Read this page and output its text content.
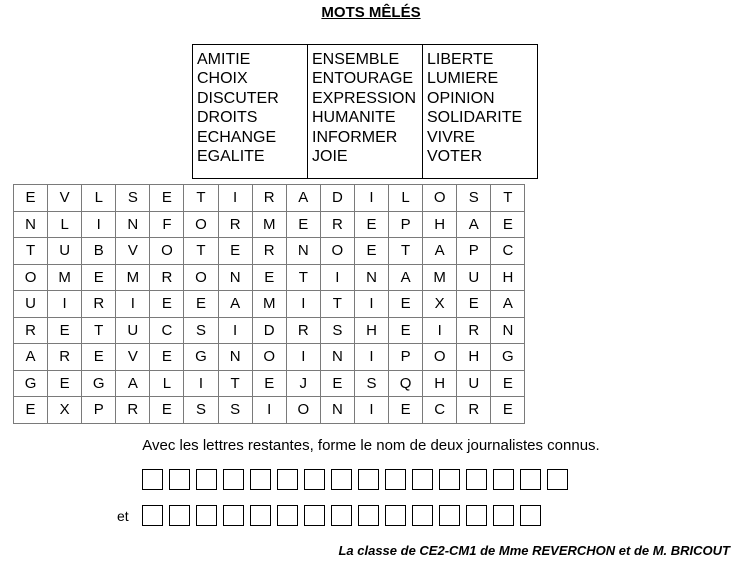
MOTS MÊLÉS
AMITIE
CHOIX
DISCUTER
DROITS
ECHANGE
EGALITE
ENSEMBLE
ENTOURAGE
EXPRESSION
HUMANITE
INFORMER
JOIE
LIBERTE
LUMIERE
OPINION
SOLIDARITE
VIVRE
VOTER
E	V	L	S	E	T	I	R	A	D	I	L	O	S	T
N	L	I	N	F	O	R	M	E	R	E	P	H	A	E
T	U	B	V	O	T	E	R	N	O	E	T	A	P	C
O	M	E	M	R	O	N	E	T	I	N	A	M	U	H
U	I	R	I	E	E	A	M	I	T	I	E	X	E	A
R	E	T	U	C	S	I	D	R	S	H	E	I	R	N
A	R	E	V	E	G	N	O	I	N	I	P	O	H	G
G	E	G	A	L	I	T	E	J	E	S	Q	H	U	E
E	X	P	R	E	S	S	I	O	N	I	E	C	R	E
Avec les lettres restantes, forme le nom de deux journalistes connus.
et
La classe de CE2-CM1 de Mme REVERCHON et de M. BRICOUT
